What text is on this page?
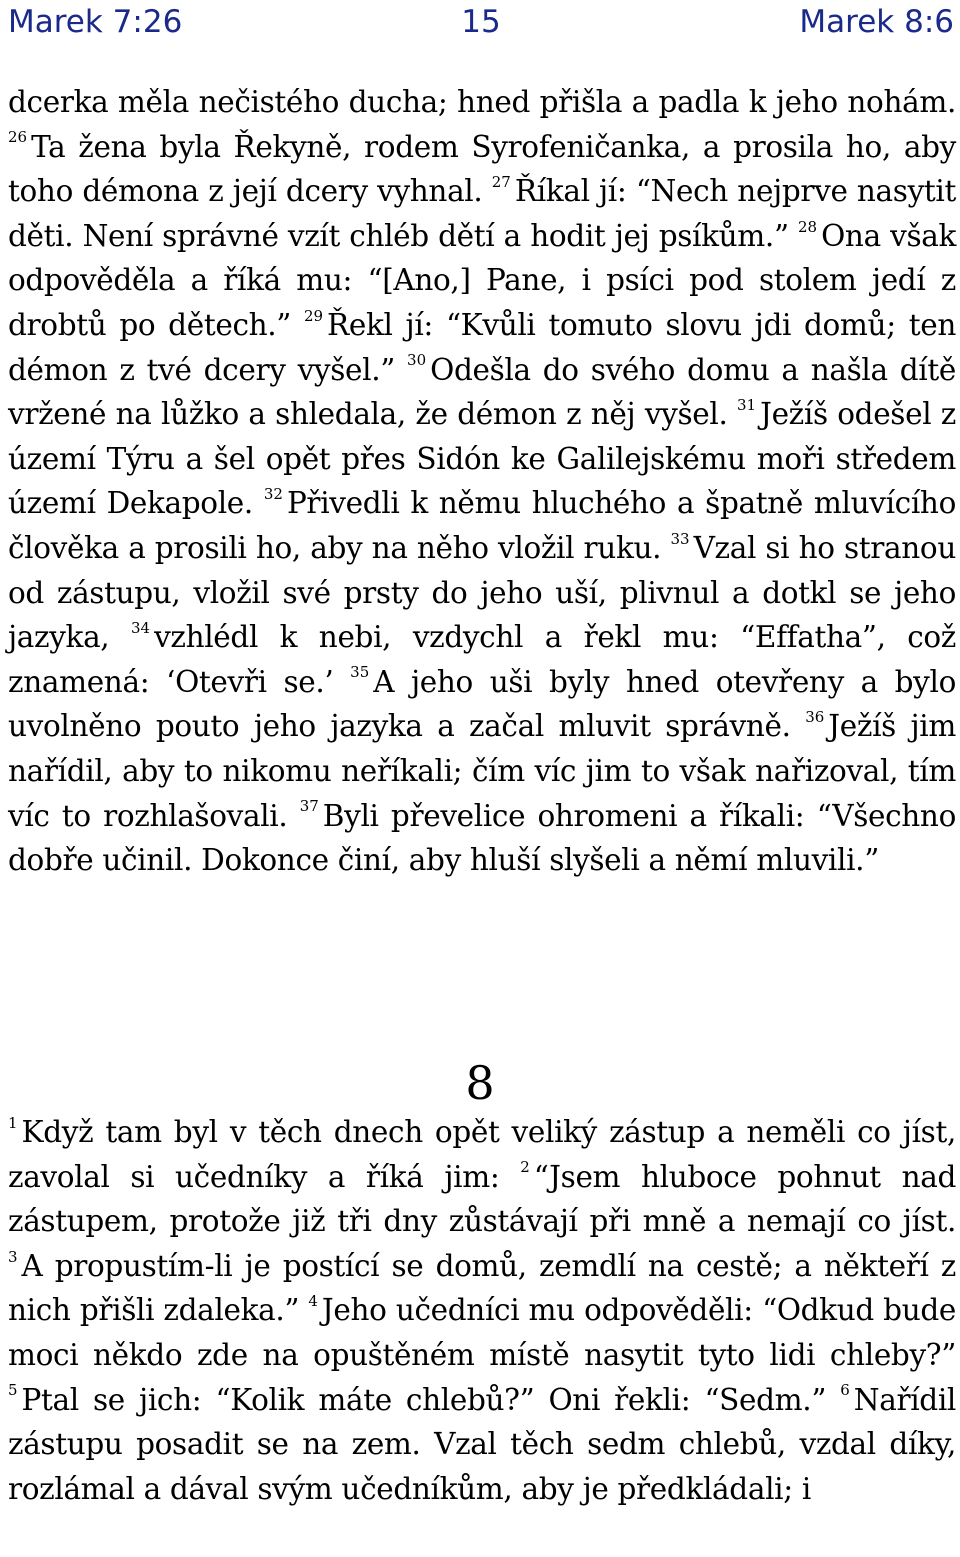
Marek 7:26	15	Marek 8:6
dcerka měla nečistého ducha; hned přišla a padla k jeho nohám. $^{26}$ Ta žena byla Řekyně, rodem Syrofeničanka, a prosila ho, aby toho démona z její dcery vyhnal. $^{27}$ Říkal jí: “Nech nejprve nasytit děti. Není správné vzít chléb dětí a hodit jej psíkům.” $^{28}$ Ona však odpověděla a říká mu: “[Ano,] Pane, i psíci pod stolem jedí z drobtů po dětech.” $^{29}$ Řekl jí: “Kvůli tomuto slovu jdi domů; ten démon z tvé dcery vyšel.” $^{30}$ Odešla do svého domu a našla dítě vržené na lůžko a shledala, že démon z něj vyšel. $^{31}$ Ježíš odešel z území Týru a šel opět přes Sidón ke Galilejskému moři středem území Dekapole. $^{32}$ Přivedli k němu hluchého a špatně mluvícího člověka a prosili ho, aby na něho vložil ruku. $^{33}$ Vzal si ho stranou od zástupu, vložil své prsty do jeho uší, plivnul a dotkl se jeho jazyka, $^{34}$ vzhlédl k nebi, vzdychl a řekl mu: “Effatha”, což znamená: ‘Otevři se.’ $^{35}$ A jeho uši byly hned otevřeny a bylo uvolněno pouto jeho jazyka a začal mluvit správně. $^{36}$ Ježíš jim nařídil, aby to nikomu neříkali; čím víc jim to však nařizoval, tím víc to rozhlašovali. $^{37}$ Byli převelice ohromeni a říkali: “Všechno dobře učinil. Dokonce činí, aby hluší slyšeli a němí mluvili.”
8
$^1$ Když tam byl v těch dnech opět veliký zástup a neměli co jíst, zavolal si učedníky a říká jim: $^2$ “Jsem hluboce pohnut nad zástupem, protože již tři dny zůstávají při mně a nemají co jíst. $^3$ A propustím-li je postící se domů, zemdlí na cestě; a někteří z nich přišli zdaleka.” $^4$ Jeho učedníci mu odpověděli: “Odkud bude moci někdo zde na opuštěném místě nasytit tyto lidi chleby?” $^5$ Ptal se jich: “Kolik máte chlebů?” Oni řekli: “Sedm.” $^6$ Nařídil zástupu posadit se na zem. Vzal těch sedm chlebů, vzdal díky, rozlámal a dával svým učedníkům, aby je předkládali; i
